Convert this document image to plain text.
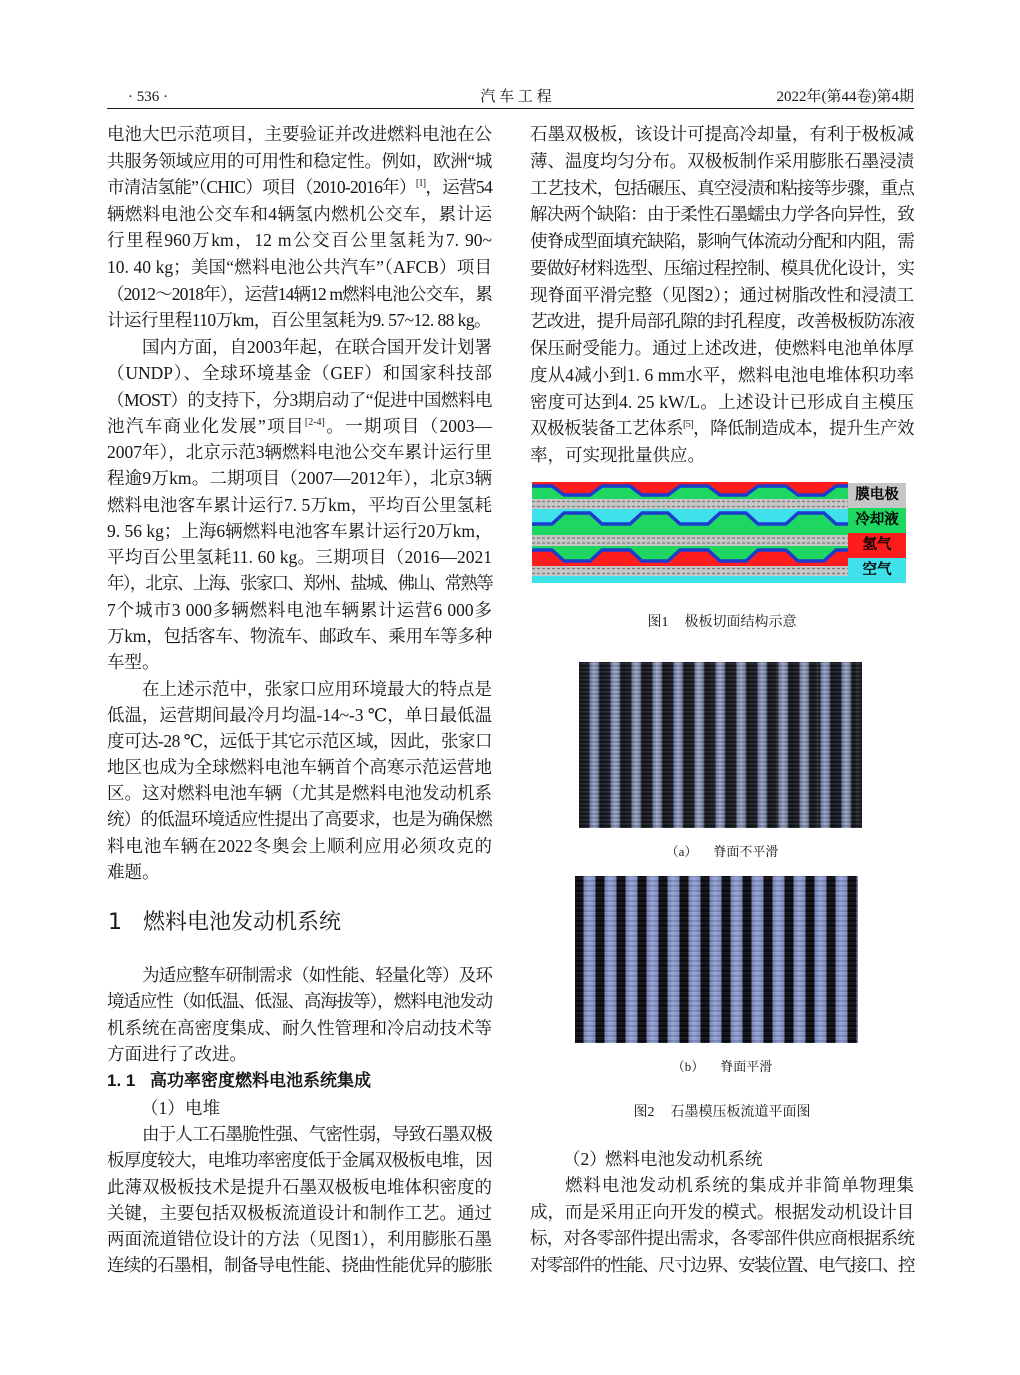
· 536 ·	汽 车 工 程	2022年(第44卷)第4期
电池大巴示范项目，主要验证并改进燃料电池在公
共服务领域应用的可用性和稳定性。例如，欧洲“城
市清洁氢能”（CHIC）项目（2010-2016年）[1]，运营54
辆燃料电池公交车和4辆氢内燃机公交车，累计运
行里程960万km，12 m公交百公里氢耗为7. 90~
10. 40 kg；美国“燃料电池公共汽车”（AFCB）项目
（2012～2018年），运营14辆12 m燃料电池公交车，累
计运行里程110万km，百公里氢耗为9. 57~12. 88 kg。
国内方面，自2003年起，在联合国开发计划署
（UNDP）、全球环境基金（GEF）和国家科技部
（MOST）的支持下，分3期启动了“促进中国燃料电
池汽车商业化发展”项目[2-4]。一期项目（2003—
2007年），北京示范3辆燃料电池公交车累计运行里
程逾9万km。二期项目（2007—2012年），北京3辆
燃料电池客车累计运行7. 5万km，平均百公里氢耗
9. 56 kg；上海6辆燃料电池客车累计运行20万km，
平均百公里氢耗11. 60 kg。三期项目（2016—2021
年），北京、上海、张家口、郑州、盐城、佛山、常熟等
7个城市3 000多辆燃料电池车辆累计运营6 000多
万km，包括客车、物流车、邮政车、乘用车等多种
车型。
在上述示范中，张家口应用环境最大的特点是
低温，运营期间最冷月均温-14~-3 ℃，单日最低温
度可达-28 ℃，远低于其它示范区域，因此，张家口
地区也成为全球燃料电池车辆首个高寒示范运营地
区。这对燃料电池车辆（尤其是燃料电池发动机系
统）的低温环境适应性提出了高要求，也是为确保燃
料电池车辆在2022冬奥会上顺利应用必须攻克的
难题。
1 燃料电池发动机系统
为适应整车研制需求（如性能、轻量化等）及环
境适应性（如低温、低湿、高海拔等），燃料电池发动
机系统在高密度集成、耐久性管理和冷启动技术等
方面进行了改进。
1. 1 高功率密度燃料电池系统集成
（1）电堆
由于人工石墨脆性强、气密性弱，导致石墨双极
板厚度较大，电堆功率密度低于金属双极板电堆，因
此薄双极板技术是提升石墨双极板电堆体积密度的
关键，主要包括双极板流道设计和制作工艺。通过
两面流道错位设计的方法（见图1），利用膨胀石墨
连续的石墨相，制备导电性能、挠曲性能优异的膨胀
石墨双极板，该设计可提高冷却量，有利于极板减
薄、温度均匀分布。双极板制作采用膨胀石墨浸渍
工艺技术，包括碾压、真空浸渍和粘接等步骤，重点
解决两个缺陷：由于柔性石墨蠕虫力学各向异性，致
使脊成型面填充缺陷，影响气体流动分配和内阻，需
要做好材料选型、压缩过程控制、模具优化设计，实
现脊面平滑完整（见图2）；通过树脂改性和浸渍工
艺改进，提升局部孔隙的封孔程度，改善极板防冻液
保压耐受能力。通过上述改进，使燃料电池单体厚
度从4减小到1. 6 mm水平，燃料电池电堆体积功率
密度可达到4. 25 kW/L。上述设计已形成自主模压
双极板装备工艺体系[5]，降低制造成本，提升生产效
率，可实现批量供应。
膜电极
冷却液
氢气
空气
图1 极板切面结构示意
（a） 脊面不平滑
（b） 脊面平滑
图2 石墨模压板流道平面图
（2）燃料电池发动机系统
燃料电池发动机系统的集成并非简单物理集
成，而是采用正向开发的模式。根据发动机设计目
标，对各零部件提出需求，各零部件供应商根据系统
对零部件的性能、尺寸边界、安装位置、电气接口、控
